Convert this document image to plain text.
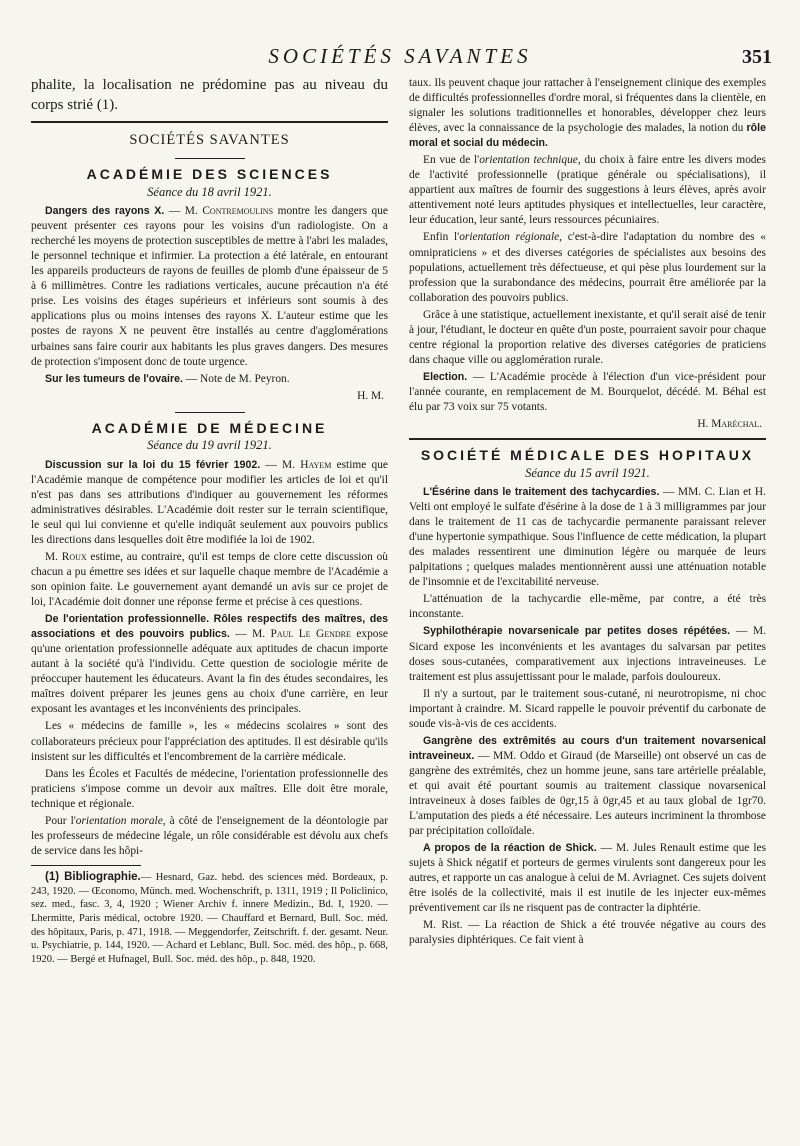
SOCIÉTÉS SAVANTES	351

phalite, la localisation ne prédomine pas au niveau du corps strié (1).

SOCIÉTÉS SAVANTES
ACADÉMIE DES SCIENCES
Séance du 18 avril 1921.

Dangers des rayons X. — M. Contremoulins montre les dangers que peuvent présenter ces rayons pour les voisins d'un radiologiste. On a recherché les moyens de protection susceptibles de mettre à l'abri les malades, le personnel technique et infirmier. La protection a été latérale, en entourant les appareils producteurs de rayons de feuilles de plomb d'une épaisseur de 5 à 6 millimètres. Contre les radiations verticales, aucune précaution n'a été prise. Les voisins des étages supérieurs et inférieurs sont soumis à des applications plus ou moins intenses des rayons X. L'auteur estime que les postes de rayons X ne peuvent être installés au centre d'agglomérations urbaines sans faire courir aux habitants les plus graves dangers. Des mesures de protection s'imposent donc de toute urgence.

Sur les tumeurs de l'ovaire. — Note de M. Peyron.

H. M.

ACADÉMIE DE MÉDECINE
Séance du 19 avril 1921.

Discussion sur la loi du 15 février 1902. — M. Hayem estime que l'Académie manque de compétence pour modifier les articles de loi et qu'il n'est pas dans ses attributions d'indiquer au gouvernement les réformes administratives désirables. L'Académie doit rester sur le terrain scientifique, le seul qui lui convienne et qu'elle indiquât seulement aux pouvoirs publics les directions dans lesquelles doit être modifiée la loi de 1902.

M. Roux estime, au contraire, qu'il est temps de clore cette discussion où chacun a pu émettre ses idées et sur laquelle chaque membre de l'Académie a son opinion faite. Le gouvernement ayant demandé un avis sur ce projet de loi, l'Académie doit donner une réponse ferme et précise à ces questions.

De l'orientation professionnelle. Rôles respectifs des maîtres, des associations et des pouvoirs publics. — M. Paul Le Gendre expose qu'une orientation professionnelle adéquate aux aptitudes de chacun importe autant à la société qu'à l'individu. Cette question de sociologie mérite de préoccuper hautement les éducateurs. Avant la fin des études secondaires, les maîtres doivent préparer les jeunes gens au choix d'une carrière, en leur exposant les avantages et les inconvénients des principales.

Les « médecins de famille », les « médecins scolaires » sont des collaborateurs précieux pour l'appréciation des aptitudes. Il est désirable qu'ils insistent sur les difficultés et l'encombrement de la carrière médicale.

Dans les Écoles et Facultés de médecine, l'orientation professionnelle des praticiens s'impose comme un devoir aux maîtres. Elle doit être morale, technique et régionale.

Pour l'orientation morale, à côté de l'enseignement de la déontologie par les professeurs de médecine légale, un rôle considérable est dévolu aux chefs de service dans les hôpi-

(1) Bibliographie.— Hesnard, Gaz. hebd. des sciences méd. Bordeaux, p. 243, 1920. — Œconomo, Münch. med. Wochenschrift, p. 1311, 1919 ; Il Policlinico, sez. med., fasc. 3, 4, 1920 ; Wiener Archiv f. innere Medizin., Bd. I, 1920. — Lhermitte, Paris médical, octobre 1920. — Chauffard et Bernard, Bull. Soc. méd. des hôpitaux, Paris, p. 471, 1918. — Meggendorfer, Zeitschrift. f. der. gesamt. Neur. u. Psychiatrie, p. 144, 1920. — Achard et Leblanc, Bull. Soc. méd. des hôp., p. 668, 1920. — Bergé et Hufnagel, Bull. Soc. méd. des hôp., p. 848, 1920.

taux. Ils peuvent chaque jour rattacher à l'enseignement clinique des exemples de difficultés professionnelles d'ordre moral, si fréquentes dans la clientèle, en signaler les solutions traditionnelles et honorables, développer chez leurs élèves, avec la connaissance de la psychologie des malades, la notion du rôle moral et social du médecin.

En vue de l'orientation technique, du choix à faire entre les divers modes de l'activité professionnelle (pratique générale ou spécialisations), il appartient aux maîtres de fournir des suggestions à leurs élèves, après avoir attentivement noté leurs aptitudes physiques et intellectuelles, leur caractère, leur éducation, leur santé, leurs ressources pécuniaires.

Enfin l'orientation régionale, c'est-à-dire l'adaptation du nombre des « omnipraticiens » et des diverses catégories de spécialistes aux besoins des populations, actuellement très défectueuse, et qui pèse plus lourdement sur la profession que la surabondance des médecins, pourrait être améliorée par la collaboration des pouvoirs publics.

Grâce à une statistique, actuellement inexistante, et qu'il serait aisé de tenir à jour, l'étudiant, le docteur en quête d'un poste, pourraient savoir pour chaque centre régional la proportion relative des diverses catégories de praticiens dans chaque ville ou agglomération rurale.

Election. — L'Académie procède à l'élection d'un vice-président pour l'année courante, en remplacement de M. Bourquelot, décédé. M. Béhal est élu par 73 voix sur 75 votants.

H. Maréchal.

SOCIÉTÉ MÉDICALE DES HOPITAUX
Séance du 15 avril 1921.

L'Ésérine dans le traitement des tachycardies. — MM. C. Lian et H. Velti ont employé le sulfate d'ésérine à la dose de 1 à 3 milligrammes par jour dans le traitement de 11 cas de tachycardie permanente paraissant relever d'une hypertonie sympathique. Sous l'influence de cette médication, la plupart des malades ressentirent une diminution légère ou marquée de leurs palpitations ; quelques malades mentionnèrent aussi une atténuation notable de l'insomnie et de l'excitabilité nerveuse.

L'atténuation de la tachycardie elle-même, par contre, a été très inconstante.

Syphilothérapie novarsenicale par petites doses répétées. — M. Sicard expose les inconvénients et les avantages du salvarsan par petites doses sous-cutanées, comparativement aux injections intraveineuses. Le traitement est plus assujettissant pour le malade, parfois douloureux.

Il n'y a surtout, par le traitement sous-cutané, ni neurotropisme, ni choc important à craindre. M. Sicard rappelle le pouvoir préventif du carbonate de soude vis-à-vis de ces accidents.

Gangrène des extrêmités au cours d'un traitement novarsenical intraveineux. — MM. Oddo et Giraud (de Marseille) ont observé un cas de gangrène des extrémités, chez un homme jeune, sans tare artérielle préalable, et qui avait été pourtant soumis au traitement classique novarsenical intraveineux à doses faibles de 0gr,15 à 0gr,45 et au taux global de 1gr70. L'amputation des pieds a été nécessaire. Les auteurs incriminent la thrombose par précipitation colloïdale.

A propos de la réaction de Shick. — M. Jules Renault estime que les sujets à Shick négatif et porteurs de germes virulents sont dangereux pour les autres, et rapporte un cas analogue à celui de M. Avriagnet. Ces sujets doivent être isolés de la collectivité, mais il est inutile de les injecter eux-mêmes préventivement car ils ne risquent pas de contracter la diphtérie.

M. Rist. — La réaction de Shick a été trouvée négative au cours des paralysies diphtériques. Ce fait vient à
